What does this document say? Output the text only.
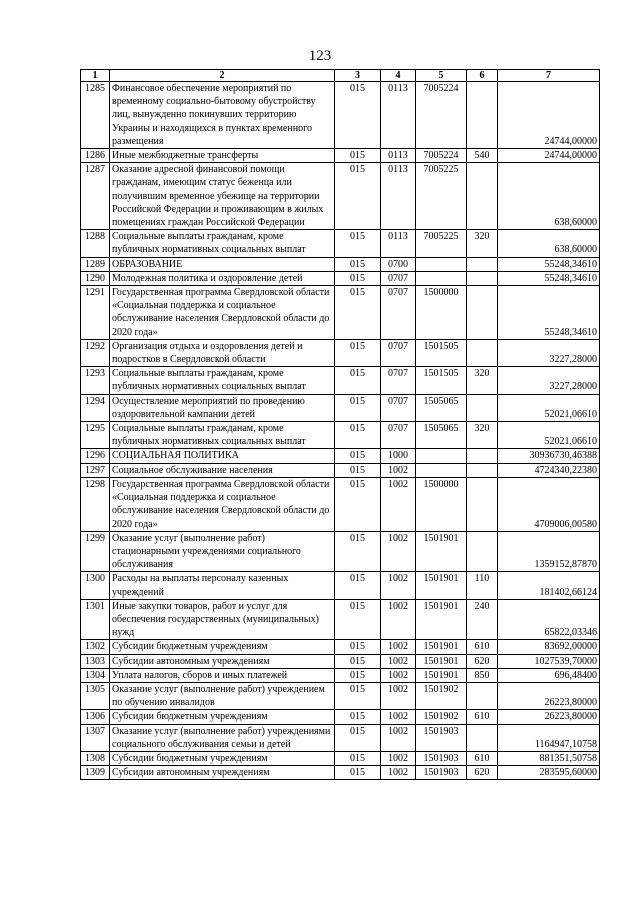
123
1	2	3	4	5	6	7
1285	Финансовое обеспечение мероприятий по временному социально-бытовому обустройству лиц, вынужденно покинувших территорию Украины и находящихся в пунктах временного размещения	015	0113	7005224		24744,00000
1286	Иные межбюджетные трансферты	015	0113	7005224	540	24744,00000
1287	Оказание адресной финансовой помощи гражданам, имеющим статус беженца или получившим временное убежище на территории Российской Федерации и проживающим в жилых помещениях граждан Российской Федерации	015	0113	7005225		638,60000
1288	Социальные выплаты гражданам, кроме публичных нормативных социальных выплат	015	0113	7005225	320	638,60000
1289	ОБРАЗОВАНИЕ	015	0700			55248,34610
1290	Молодежная политика и оздоровление детей	015	0707			55248,34610
1291	Государственная программа Свердловской области «Социальная поддержка и социальное обслуживание населения Свердловской области до 2020 года»	015	0707	1500000		55248,34610
1292	Организация отдыха и оздоровления детей и подростков в Свердловской области	015	0707	1501505		3227,28000
1293	Социальные выплаты гражданам, кроме публичных нормативных социальных выплат	015	0707	1501505	320	3227,28000
1294	Осуществление мероприятий по проведению оздоровительной кампании детей	015	0707	1505065		52021,06610
1295	Социальные выплаты гражданам, кроме публичных нормативных социальных выплат	015	0707	1505065	320	52021,06610
1296	СОЦИАЛЬНАЯ ПОЛИТИКА	015	1000			30936730,46388
1297	Социальное обслуживание населения	015	1002			4724340,22380
1298	Государственная программа Свердловской области «Социальная поддержка и социальное обслуживание населения Свердловской области до 2020 года»	015	1002	1500000		4709006,00580
1299	Оказание услуг (выполнение работ) стационарными учреждениями социального обслуживания	015	1002	1501901		1359152,87870
1300	Расходы на выплаты персоналу казенных учреждений	015	1002	1501901	110	181402,66124
1301	Иные закупки товаров, работ и услуг для обеспечения государственных (муниципальных) нужд	015	1002	1501901	240	65822,03346
1302	Субсидии бюджетным учреждениям	015	1002	1501901	610	83692,00000
1303	Субсидии автономным учреждениям	015	1002	1501901	620	1027539,70000
1304	Уплата налогов, сборов и иных платежей	015	1002	1501901	850	696,48400
1305	Оказание услуг (выполнение работ) учреждением по обучению инвалидов	015	1002	1501902		26223,80000
1306	Субсидии бюджетным учреждениям	015	1002	1501902	610	26223,80000
1307	Оказание услуг (выполнение работ) учреждениями социального обслуживания семьи и детей	015	1002	1501903		1164947,10758
1308	Субсидии бюджетным учреждениям	015	1002	1501903	610	881351,50758
1309	Субсидии автономным учреждениям	015	1002	1501903	620	283595,60000
